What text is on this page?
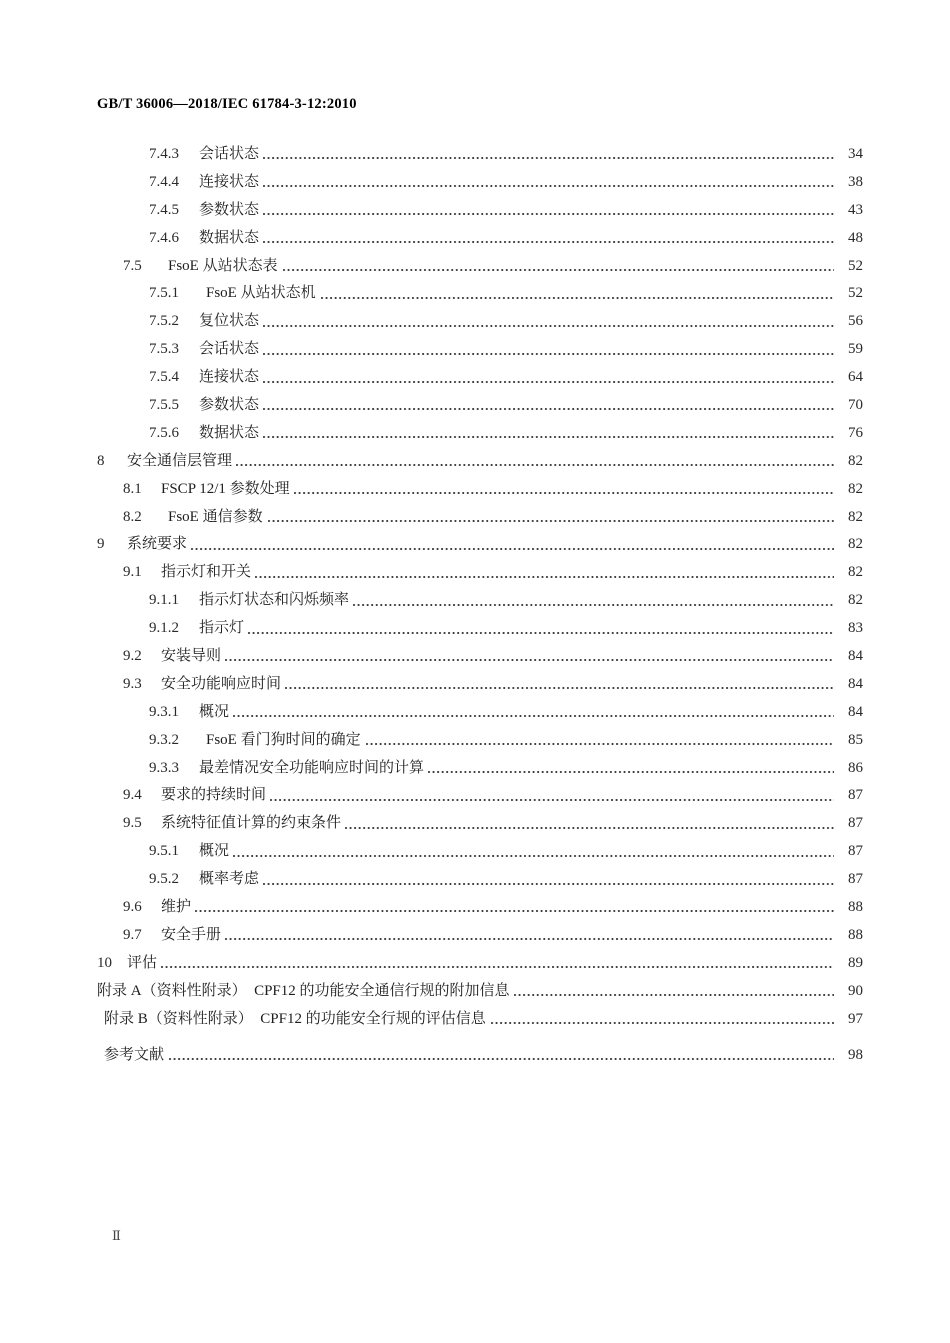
GB/T 36006—2018/IEC 61784-3-12:2010
7.4.3	会话状态	34
7.4.4	连接状态	38
7.4.5	参数状态	43
7.4.6	数据状态	48
7.5	FsoE 从站状态表	52
7.5.1	FsoE 从站状态机	52
7.5.2	复位状态	56
7.5.3	会话状态	59
7.5.4	连接状态	64
7.5.5	参数状态	70
7.5.6	数据状态	76
8	安全通信层管理	82
8.1	FSCP 12/1 参数处理	82
8.2	FsoE 通信参数	82
9	系统要求	82
9.1	指示灯和开关	82
9.1.1	指示灯状态和闪烁频率	82
9.1.2	指示灯	83
9.2	安装导则	84
9.3	安全功能响应时间	84
9.3.1	概况	84
9.3.2	FsoE 看门狗时间的确定	85
9.3.3	最差情况安全功能响应时间的计算	86
9.4	要求的持续时间	87
9.5	系统特征值计算的约束条件	87
9.5.1	概况	87
9.5.2	概率考虑	87
9.6	维护	88
9.7	安全手册	88
10	评估	89
附录 A（资料性附录）　CPF12 的功能安全通信行规的附加信息	90
附录 B（资料性附录）　CPF12 的功能安全行规的评估信息	97
参考文献	98
Ⅱ
